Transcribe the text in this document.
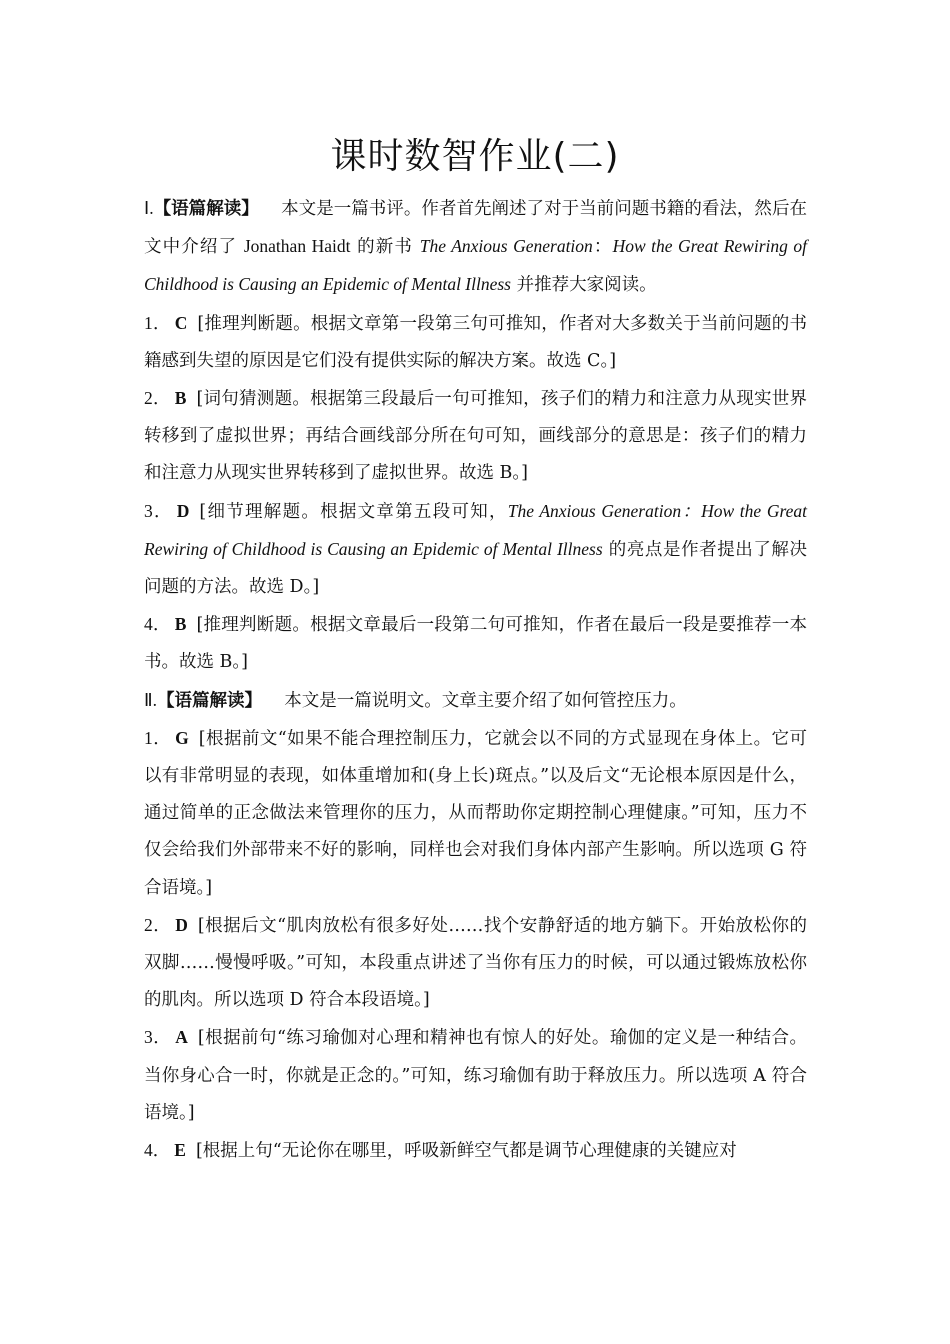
课时数智作业(二)

Ⅰ.【语篇解读】 本文是一篇书评。作者首先阐述了对于当前问题书籍的看法，然后在文中介绍了 Jonathan Haidt 的新书 The Anxious Generation：How the Great Rewiring of Childhood is Causing an Epidemic of Mental Illness 并推荐大家阅读。

1． C [推理判断题。根据文章第一段第三句可推知，作者对大多数关于当前问题的书籍感到失望的原因是它们没有提供实际的解决方案。故选 C。]

2． B [词句猜测题。根据第三段最后一句可推知，孩子们的精力和注意力从现实世界转移到了虚拟世界；再结合画线部分所在句可知，画线部分的意思是：孩子们的精力和注意力从现实世界转移到了虚拟世界。故选 B。]

3． D [细节理解题。根据文章第五段可知，The Anxious Generation：How the Great Rewiring of Childhood is Causing an Epidemic of Mental Illness 的亮点是作者提出了解决问题的方法。故选 D。]

4． B [推理判断题。根据文章最后一段第二句可推知，作者在最后一段是要推荐一本书。故选 B。]

Ⅱ.【语篇解读】 本文是一篇说明文。文章主要介绍了如何管控压力。

1． G [根据前文“如果不能合理控制压力，它就会以不同的方式显现在身体上。它可以有非常明显的表现，如体重增加和(身上长)斑点。”以及后文“无论根本原因是什么，通过简单的正念做法来管理你的压力，从而帮助你定期控制心理健康。”可知，压力不仅会给我们外部带来不好的影响，同样也会对我们身体内部产生影响。所以选项 G 符合语境。]

2． D [根据后文“肌肉放松有很多好处……找个安静舒适的地方躺下。开始放松你的双脚……慢慢呼吸。”可知，本段重点讲述了当你有压力的时候，可以通过锻炼放松你的肌肉。所以选项 D 符合本段语境。]

3． A [根据前句“练习瑜伽对心理和精神也有惊人的好处。瑜伽的定义是一种结合。当你身心合一时，你就是正念的。”可知，练习瑜伽有助于释放压力。所以选项 A 符合语境。]

4． E [根据上句“无论你在哪里，呼吸新鲜空气都是调节心理健康的关键应对
